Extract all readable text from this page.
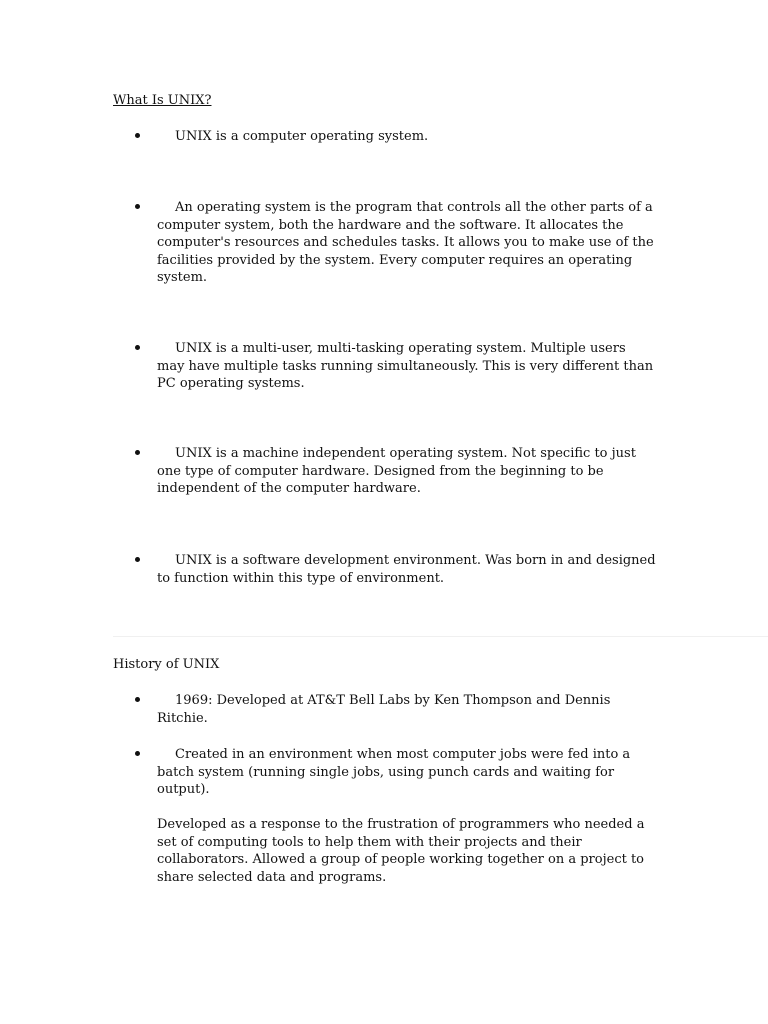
What Is UNIX?

UNIX is a computer operating system.

An operating system is the program that controls all the other parts of a computer system, both the hardware and the software. It allocates the computer's resources and schedules tasks. It allows you to make use of the facilities provided by the system. Every computer requires an operating system.

UNIX is a multi-user, multi-tasking operating system. Multiple users may have multiple tasks running simultaneously. This is very different than PC operating systems.

UNIX is a machine independent operating system. Not specific to just one type of computer hardware. Designed from the beginning to be independent of the computer hardware.

UNIX is a software development environment. Was born in and designed to function within this type of environment.

History of UNIX

1969: Developed at AT&T Bell Labs by Ken Thompson and Dennis Ritchie.

Created in an environment when most computer jobs were fed into a batch system (running single jobs, using punch cards and waiting for output).

Developed as a response to the frustration of programmers who needed a set of computing tools to help them with their projects and their collaborators. Allowed a group of people working together on a project to share selected data and programs.
